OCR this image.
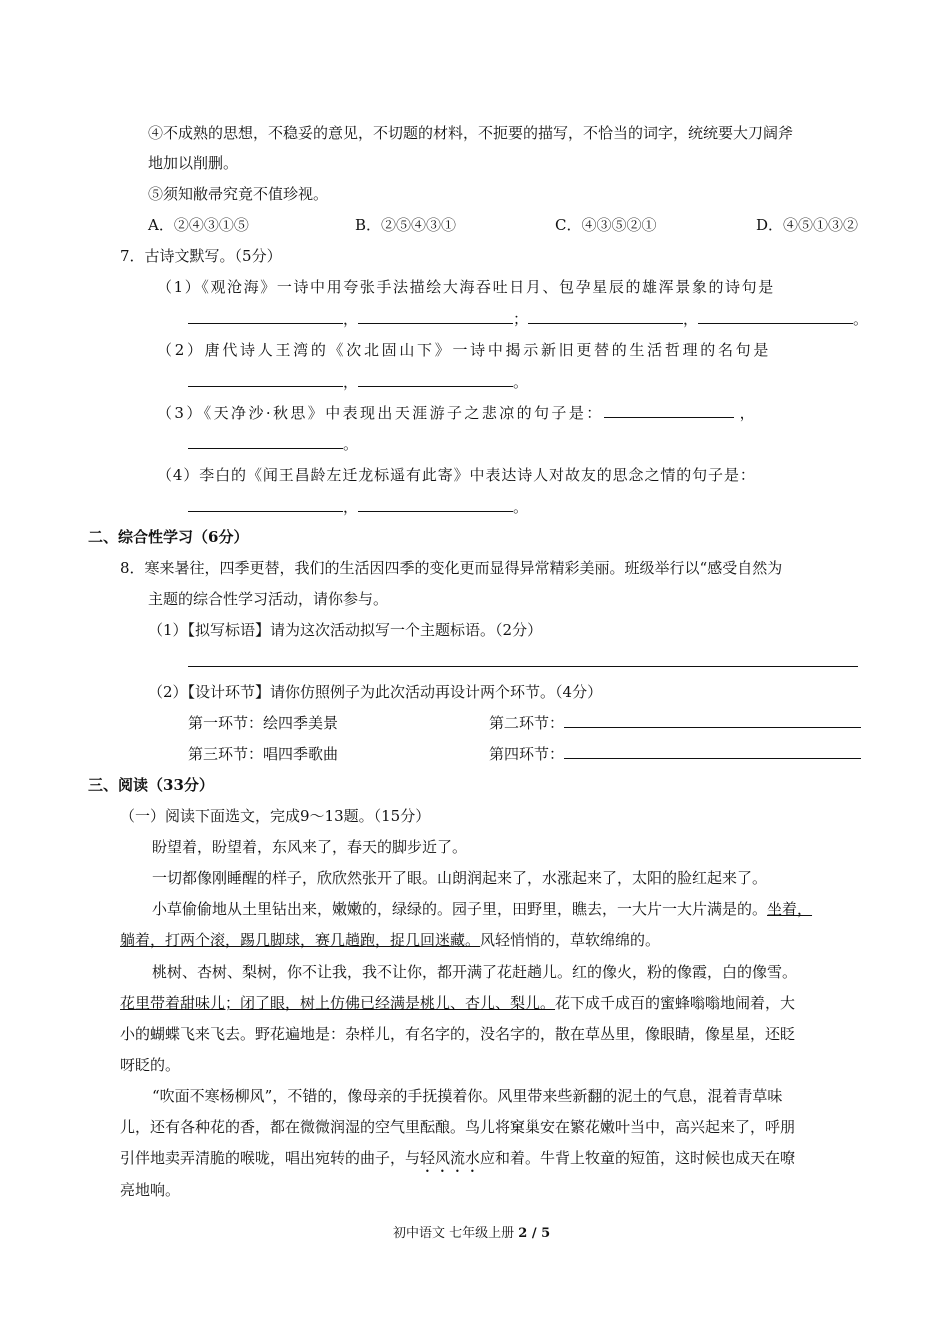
④不成熟的思想，不稳妥的意见，不切题的材料，不扼要的描写，不恰当的词字，统统要大刀阔斧
地加以削删。
⑤须知敝帚究竟不值珍视。
A．②④③①⑤	B．②⑤④③①	C．④③⑤②①	D．④⑤①③②
7．古诗文默写。（5分）
（1）《观沧海》一诗中用夸张手法描绘大海吞吐日月、包孕星辰的雄浑景象的诗句是
，	；	，	。
（2）唐代诗人王湾的《次北固山下》一诗中揭示新旧更替的生活哲理的名句是
，	。
（3）《天净沙·秋思》中表现出天涯游子之悲凉的句子是：	，
。
（4）李白的《闻王昌龄左迁龙标遥有此寄》中表达诗人对故友的思念之情的句子是：
，	。
二、综合性学习（6分）
8．寒来暑往，四季更替，我们的生活因四季的变化更而显得异常精彩美丽。班级举行以“感受自然为
主题的综合性学习活动，请你参与。
（1）【拟写标语】请为这次活动拟写一个主题标语。（2分）
（2）【设计环节】请你仿照例子为此次活动再设计两个环节。（4分）
第一环节：绘四季美景	第二环节：
第三环节：唱四季歌曲	第四环节：
三、阅读（33分）
（一）阅读下面选文，完成9～13题。（15分）
盼望着，盼望着，东风来了，春天的脚步近了。
一切都像刚睡醒的样子，欣欣然张开了眼。山朗润起来了，水涨起来了，太阳的脸红起来了。
小草偷偷地从土里钻出来，嫩嫩的，绿绿的。园子里，田野里，瞧去，一大片一大片满是的。坐着，
躺着，打两个滚，踢几脚球，赛几趟跑，捉几回迷藏。风轻悄悄的，草软绵绵的。
桃树、杏树、梨树，你不让我，我不让你，都开满了花赶趟儿。红的像火，粉的像霞，白的像雪。
花里带着甜味儿；闭了眼，树上仿佛已经满是桃儿、杏儿、梨儿。花下成千成百的蜜蜂嗡嗡地闹着，大
小的蝴蝶飞来飞去。野花遍地是：杂样儿，有名字的，没名字的，散在草丛里，像眼睛，像星星，还眨
呀眨的。
“吹面不寒杨柳风”，不错的，像母亲的手抚摸着你。风里带来些新翻的泥土的气息，混着青草味
儿，还有各种花的香，都在微微润湿的空气里酝酿。鸟儿将窠巢安在繁花嫩叶当中，高兴起来了，呼朋
引伴地卖弄清脆的喉咙，唱出宛转的曲子，与轻风流水应和着。牛背上牧童的短笛，这时候也成天在嘹
亮地响。
初中语文 七年级上册 2 / 5
